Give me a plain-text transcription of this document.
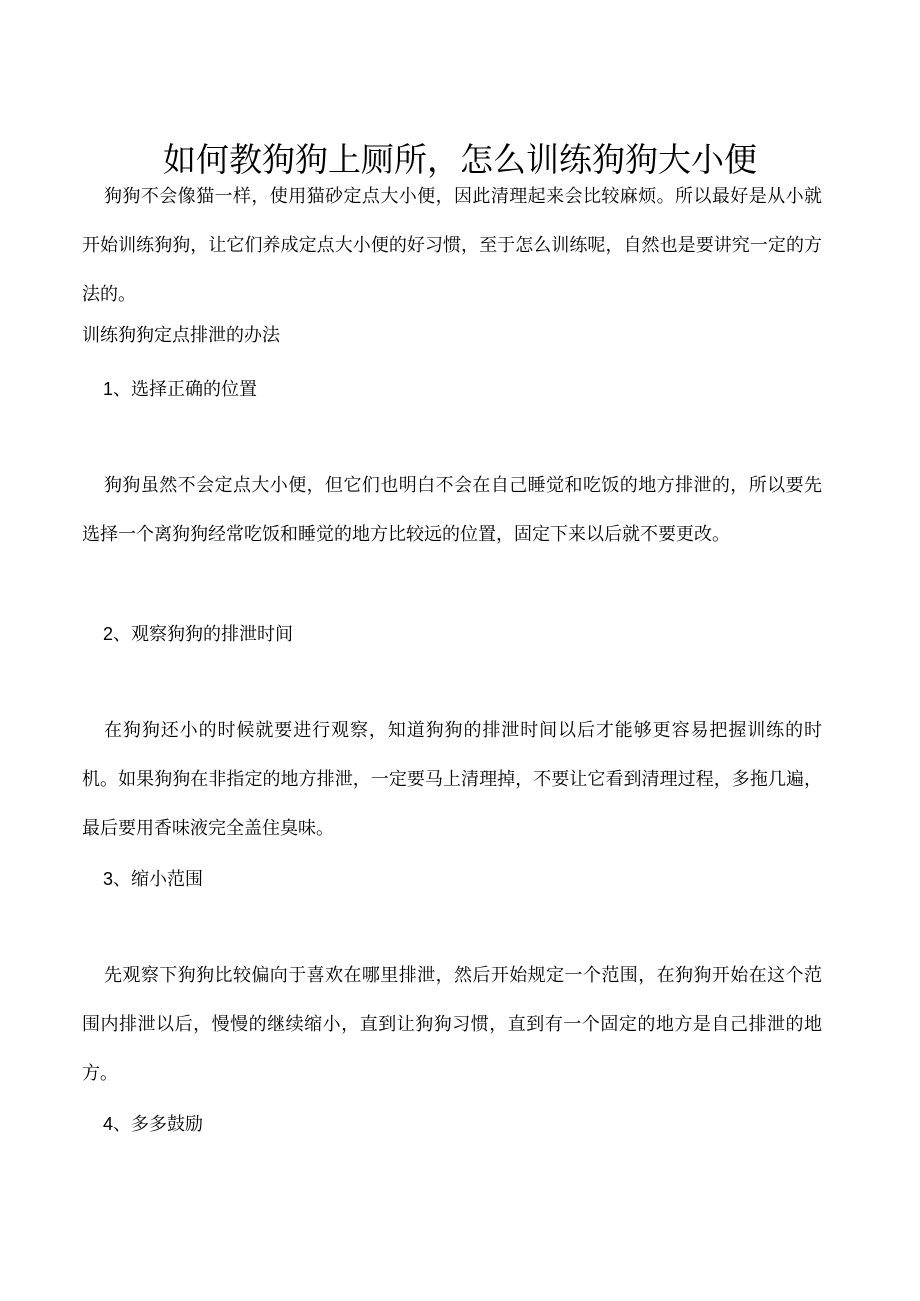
如何教狗狗上厕所，怎么训练狗狗大小便

狗狗不会像猫一样，使用猫砂定点大小便，因此清理起来会比较麻烦。所以最好是从小就开始训练狗狗，让它们养成定点大小便的好习惯，至于怎么训练呢，自然也是要讲究一定的方法的。

训练狗狗定点排泄的办法

1、选择正确的位置

狗狗虽然不会定点大小便，但它们也明白不会在自己睡觉和吃饭的地方排泄的，所以要先选择一个离狗狗经常吃饭和睡觉的地方比较远的位置，固定下来以后就不要更改。

2、观察狗狗的排泄时间

在狗狗还小的时候就要进行观察，知道狗狗的排泄时间以后才能够更容易把握训练的时机。如果狗狗在非指定的地方排泄，一定要马上清理掉，不要让它看到清理过程，多拖几遍，最后要用香味液完全盖住臭味。

3、缩小范围

先观察下狗狗比较偏向于喜欢在哪里排泄，然后开始规定一个范围，在狗狗开始在这个范围内排泄以后，慢慢的继续缩小，直到让狗狗习惯，直到有一个固定的地方是自己排泄的地方。

4、多多鼓励
